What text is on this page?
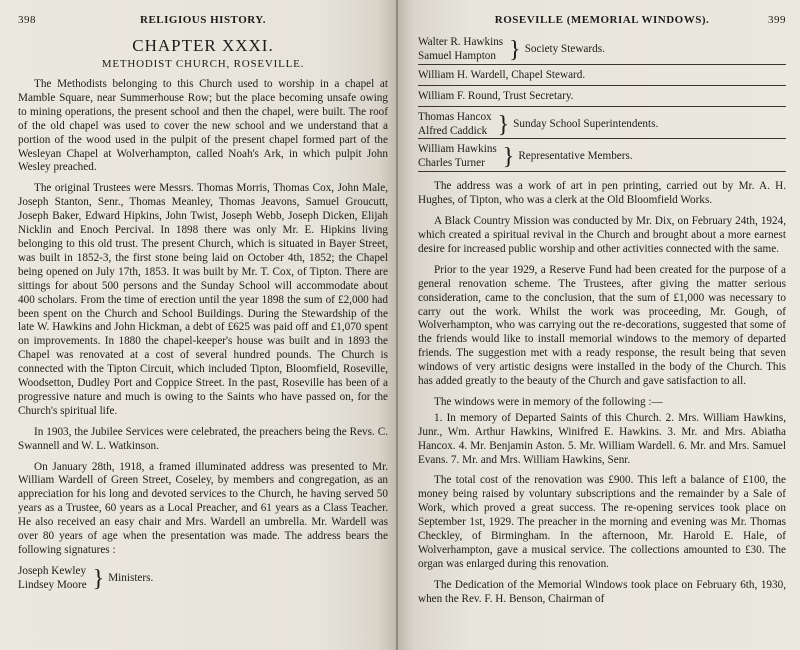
398	RELIGIOUS HISTORY.
CHAPTER XXXI.
METHODIST CHURCH, ROSEVILLE.

The Methodists belonging to this Church used to worship in a chapel at Mamble Square, near Summerhouse Row; but the place becoming unsafe owing to mining operations, the present school and then the chapel, were built. The roof of the old chapel was used to cover the new school and we understand that a portion of the wood used in the pulpit of the present chapel formed part of the Wesleyan Chapel at Wolverhampton, called Noah's Ark, in which pulpit John Wesley preached.

The original Trustees were Messrs. Thomas Morris, Thomas Cox, John Male, Joseph Stanton, Senr., Thomas Meanley, Thomas Jeavons, Samuel Groucutt, Joseph Baker, Edward Hipkins, John Twist, Joseph Webb, Joseph Dicken, Elijah Nicklin and Enoch Percival. In 1898 there was only Mr. E. Hipkins living belonging to this old trust. The present Church, which is situated in Bayer Street, was built in 1852-3, the first stone being laid on October 4th, 1852; the Chapel being opened on July 17th, 1853. It was built by Mr. T. Cox, of Tipton. There are sittings for about 500 persons and the Sunday School will accommodate about 400 scholars. From the time of erection until the year 1898 the sum of £2,000 had been spent on the Church and School Buildings. During the Stewardship of the late W. Hawkins and John Hickman, a debt of £625 was paid off and £1,070 spent on improvements. In 1880 the chapel-keeper's house was built and in 1893 the Chapel was renovated at a cost of several hundred pounds. The Church is connected with the Tipton Circuit, which included Tipton, Bloomfield, Roseville, Woodsetton, Dudley Port and Coppice Street. In the past, Roseville has been of a progressive nature and much is owing to the Saints who have passed on, for the Church's spiritual life.

In 1903, the Jubilee Services were celebrated, the preachers being the Revs. C. Swannell and W. L. Watkinson.

On January 28th, 1918, a framed illuminated address was presented to Mr. William Wardell of Green Street, Coseley, by members and congregation, as an appreciation for his long and devoted services to the Church, he having served 50 years as a Trustee, 60 years as a Local Preacher, and 61 years as a Class Teacher. He also received an easy chair and Mrs. Wardell an umbrella. Mr. Wardell was over 80 years of age when the presentation was made. The address bears the following signatures :

Joseph Kewley
Lindsey Moore } Ministers.
ROSEVILLE (MEMORIAL WINDOWS).	399
Walter R. Hawkins
Samuel Hampton } Society Stewards.
William H. Wardell, Chapel Steward.
William F. Round, Trust Secretary.
Thomas Hancox
Alfred Caddick } Sunday School Superintendents.
William Hawkins
Charles Turner } Representative Members.

The address was a work of art in pen printing, carried out by Mr. A. H. Hughes, of Tipton, who was a clerk at the Old Bloomfield Works.

A Black Country Mission was conducted by Mr. Dix, on February 24th, 1924, which created a spiritual revival in the Church and brought about a more earnest desire for increased public worship and other activities connected with the same.

Prior to the year 1929, a Reserve Fund had been created for the purpose of a general renovation scheme. The Trustees, after giving the matter serious consideration, came to the conclusion, that the sum of £1,000 was necessary to carry out the work. Whilst the work was proceeding, Mr. Gough, of Wolverhampton, who was carrying out the re-decorations, suggested that some of the friends would like to install memorial windows to the memory of departed friends. The suggestion met with a ready response, the result being that seven windows of very artistic designs were installed in the body of the Church. This has added greatly to the beauty of the Church and gave satisfaction to all.

The windows were in memory of the following :—

1. In memory of Departed Saints of this Church. 2. Mrs. William Hawkins, Junr., Wm. Arthur Hawkins, Winifred E. Hawkins. 3. Mr. and Mrs. Abiatha Hancox. 4. Mr. Benjamin Aston. 5. Mr. William Wardell. 6. Mr. and Mrs. Samuel Evans. 7. Mr. and Mrs. William Hawkins, Senr.

The total cost of the renovation was £900. This left a balance of £100, the money being raised by voluntary subscriptions and the remainder by a Sale of Work, which proved a great success. The re-opening services took place on September 1st, 1929. The preacher in the morning and evening was Mr. Thomas Checkley, of Birmingham. In the afternoon, Mr. Harold E. Hale, of Wolverhampton, gave a musical service. The collections amounted to £30. The organ was enlarged during this renovation.

The Dedication of the Memorial Windows took place on February 6th, 1930, when the Rev. F. H. Benson, Chairman of
